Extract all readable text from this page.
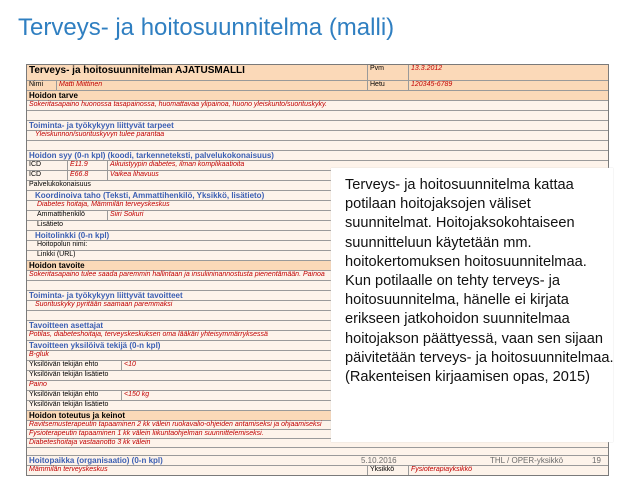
Terveys- ja hoitosuunnitelma (malli)
Terveys- ja hoitosuunnitelman AJATUSMALLI	Pvm	13.3.2012
Nimi	Matti Miittinen	Hetu	120345-6789
Hoidon tarve
Sokeritasapaino huonossa tasapainossa, huomattavaa ylipainoa, huono yleiskunto/suorituskyky.
Toiminta- ja työkykyyn liittyvät tarpeet
Yleiskunnon/suorituskyvyn tulee parantaa
Hoidon syy (0-n kpl) (koodi, tarkenneteksti, palvelukokonaisuus)
ICD	E11.9	Aikuistyypin diabetes, ilman komplikaatioita
ICD	E66.8	Vaikea lihavuus
Palvelukokonaisuus
Koordinoiva taho (Teksti, Ammattihenkilö, Yksikkö, lisätieto)
Diabetes hoitaja, Mämmilän terveyskeskus
Ammattihenkilö	Siiri Sokuri
Lisätieto
Hoitolinkki (0-n kpl)
Hoitopolun nimi:
Linkki (URL)
Hoidon tavoite
Sokeritasapaino tulee saada paremmin hallintaan ja insuliininannostusta pienentämään. Painoa
Toiminta- ja työkykyyn liittyvät tavoitteet
Suorituskyky pyritään saamaan paremmaksi
Tavoitteen asettajat
Potilas, diabeteshoitaja, terveyskeskuksen oma lääkäri yhteisymmärryksessä
Tavoitteen yksilöivä tekijä (0-n kpl)
B-gluk
Yksilöivän tekijän ehto	<10
Yksilöivän tekijän lisätieto
Paino
Yksilöivän tekijän ehto	<150 kg
Yksilöivän tekijän lisätieto
Hoidon toteutus ja keinot
Ravitsemusterapeutin tapaaminen 2 kk välein ruokavalio-ohjeiden antamiseksi ja ohjaamiseksi
Fysioterapeutin tapaaminen 1 kk välein liikuntaohjelman suunnittelemiseksi.
Diabeteshoitaja vastaanotto 3 kk välein
Hoitopaikka (organisaatio) (0-n kpl)
Mämmilän terveyskeskus	Yksikkö	Fysioterapiayksikkö
Terveys- ja hoitosuunnitelma kattaa potilaan hoitojaksojen väliset suunnitelmat. Hoitojaksokohtaiseen suunnitteluun käytetään mm. hoitokertomuksen hoitosuunnitelmaa. Kun potilaalle on tehty terveys- ja hoitosuunnitelma, hänelle ei kirjata erikseen jatkohoidon suunnitelmaa hoitojakson päättyessä, vaan sen sijaan päivitetään terveys- ja hoitosuunnitelmaa. (Rakenteisen kirjaamisen opas, 2015)
5.10.2016	THL / OPER-yksikkö	19
